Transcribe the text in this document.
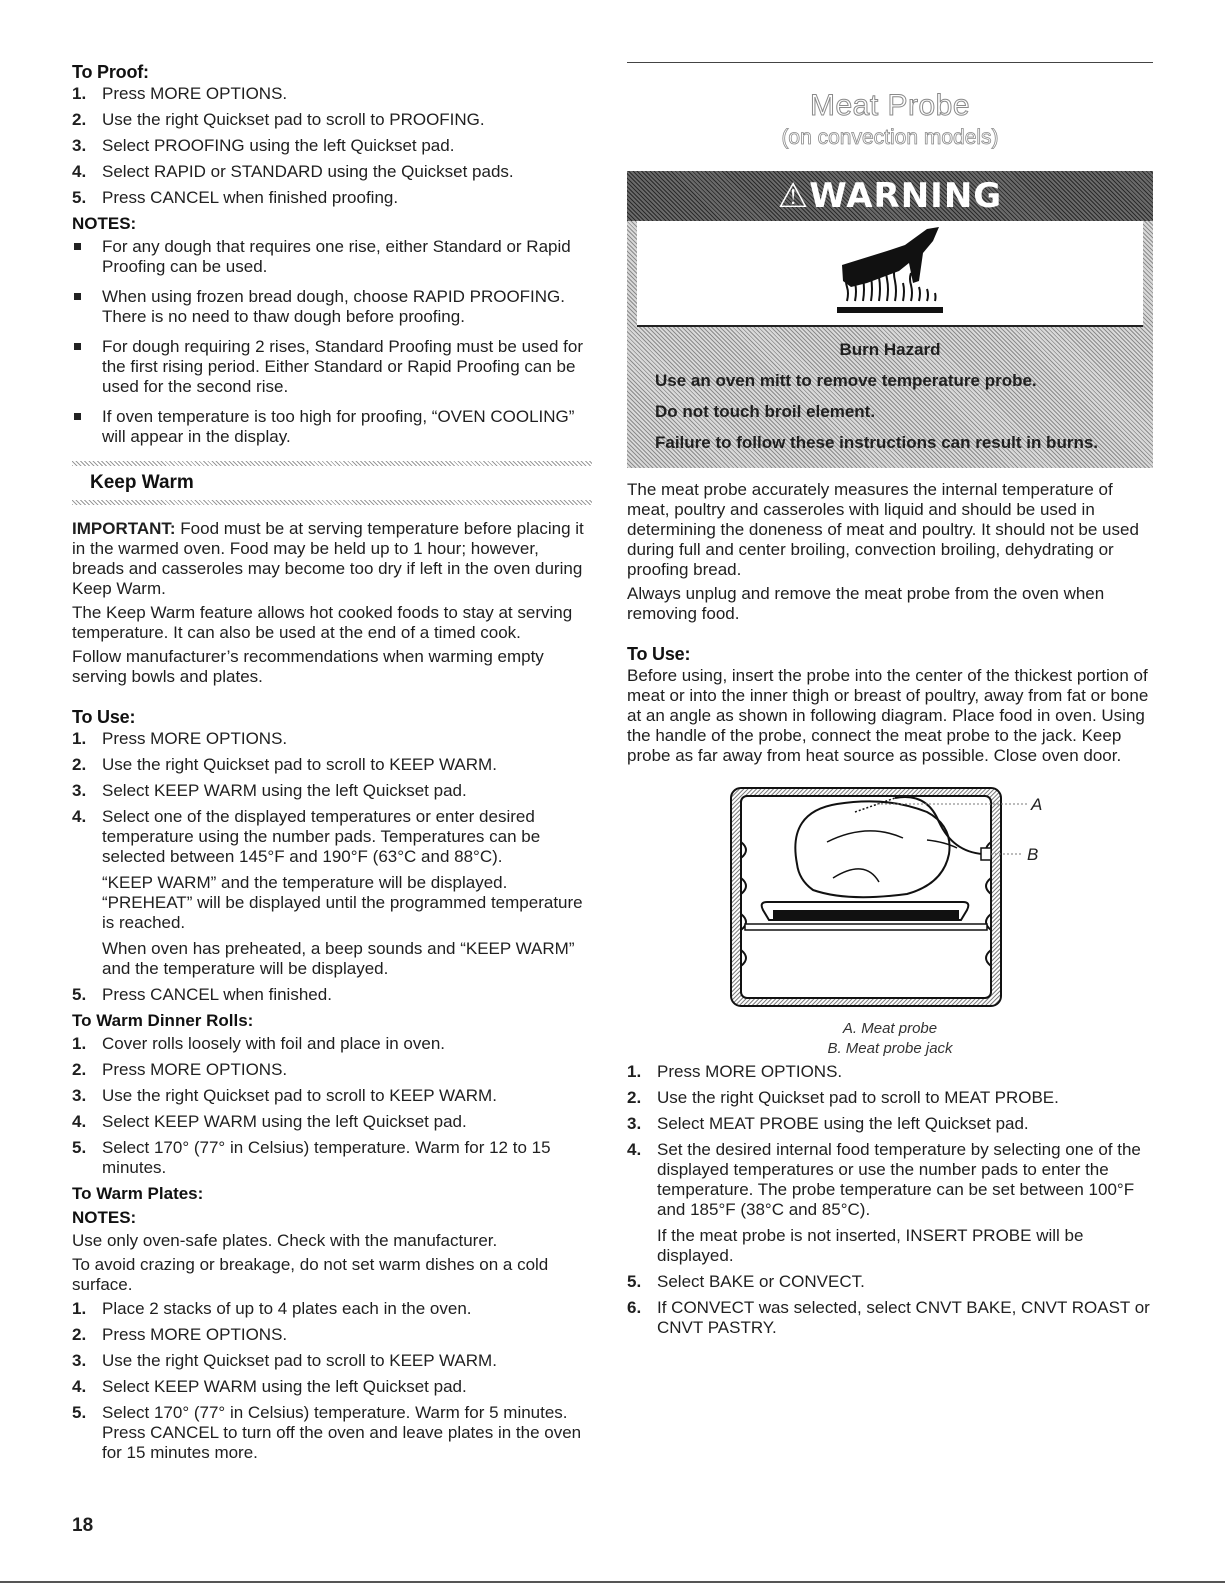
To Proof:
1. Press MORE OPTIONS.
2. Use the right Quickset pad to scroll to PROOFING.
3. Select PROOFING using the left Quickset pad.
4. Select RAPID or STANDARD using the Quickset pads.
5. Press CANCEL when finished proofing.
NOTES:
For any dough that requires one rise, either Standard or Rapid Proofing can be used.
When using frozen bread dough, choose RAPID PROOFING. There is no need to thaw dough before proofing.
For dough requiring 2 rises, Standard Proofing must be used for the first rising period. Either Standard or Rapid Proofing can be used for the second rise.
If oven temperature is too high for proofing, “OVEN COOLING” will appear in the display.
Keep Warm

IMPORTANT: Food must be at serving temperature before placing it in the warmed oven. Food may be held up to 1 hour; however, breads and casseroles may become too dry if left in the oven during Keep Warm.

The Keep Warm feature allows hot cooked foods to stay at serving temperature. It can also be used at the end of a timed cook.

Follow manufacturer’s recommendations when warming empty serving bowls and plates.

To Use:
1. Press MORE OPTIONS.
2. Use the right Quickset pad to scroll to KEEP WARM.
3. Select KEEP WARM using the left Quickset pad.
4. Select one of the displayed temperatures or enter desired temperature using the number pads. Temperatures can be selected between 145°F and 190°F (63°C and 88°C).
“KEEP WARM” and the temperature will be displayed. “PREHEAT” will be displayed until the programmed temperature is reached.
When oven has preheated, a beep sounds and “KEEP WARM” and the temperature will be displayed.
5. Press CANCEL when finished.
To Warm Dinner Rolls:
1. Cover rolls loosely with foil and place in oven.
2. Press MORE OPTIONS.
3. Use the right Quickset pad to scroll to KEEP WARM.
4. Select KEEP WARM using the left Quickset pad.
5. Select 170° (77° in Celsius) temperature. Warm for 12 to 15 minutes.
To Warm Plates:
NOTES:

Use only oven-safe plates. Check with the manufacturer.

To avoid crazing or breakage, do not set warm dishes on a cold surface.

1. Place 2 stacks of up to 4 plates each in the oven.
2. Press MORE OPTIONS.
3. Use the right Quickset pad to scroll to KEEP WARM.
4. Select KEEP WARM using the left Quickset pad.
5. Select 170° (77° in Celsius) temperature. Warm for 5 minutes. Press CANCEL to turn off the oven and leave plates in the oven for 15 minutes more.
Meat Probe
(on convection models)
⚠WARNING
Burn Hazard
Use an oven mitt to remove temperature probe.
Do not touch broil element.
Failure to follow these instructions can result in burns.

The meat probe accurately measures the internal temperature of meat, poultry and casseroles with liquid and should be used in determining the doneness of meat and poultry. It should not be used during full and center broiling, convection broiling, dehydrating or proofing bread.

Always unplug and remove the meat probe from the oven when removing food.

To Use:

Before using, insert the probe into the center of the thickest portion of meat or into the inner thigh or breast of poultry, away from fat or bone at an angle as shown in following diagram. Place food in oven. Using the handle of the probe, connect the meat probe to the jack. Keep probe as far away from heat source as possible. Close oven door.

A
B
A. Meat probe
B. Meat probe jack
1. Press MORE OPTIONS.
2. Use the right Quickset pad to scroll to MEAT PROBE.
3. Select MEAT PROBE using the left Quickset pad.
4. Set the desired internal food temperature by selecting one of the displayed temperatures or use the number pads to enter the temperature. The probe temperature can be set between 100°F and 185°F (38°C and 85°C).
If the meat probe is not inserted, INSERT PROBE will be displayed.
5. Select BAKE or CONVECT.
6. If CONVECT was selected, select CNVT BAKE, CNVT ROAST or CNVT PASTRY.
18
